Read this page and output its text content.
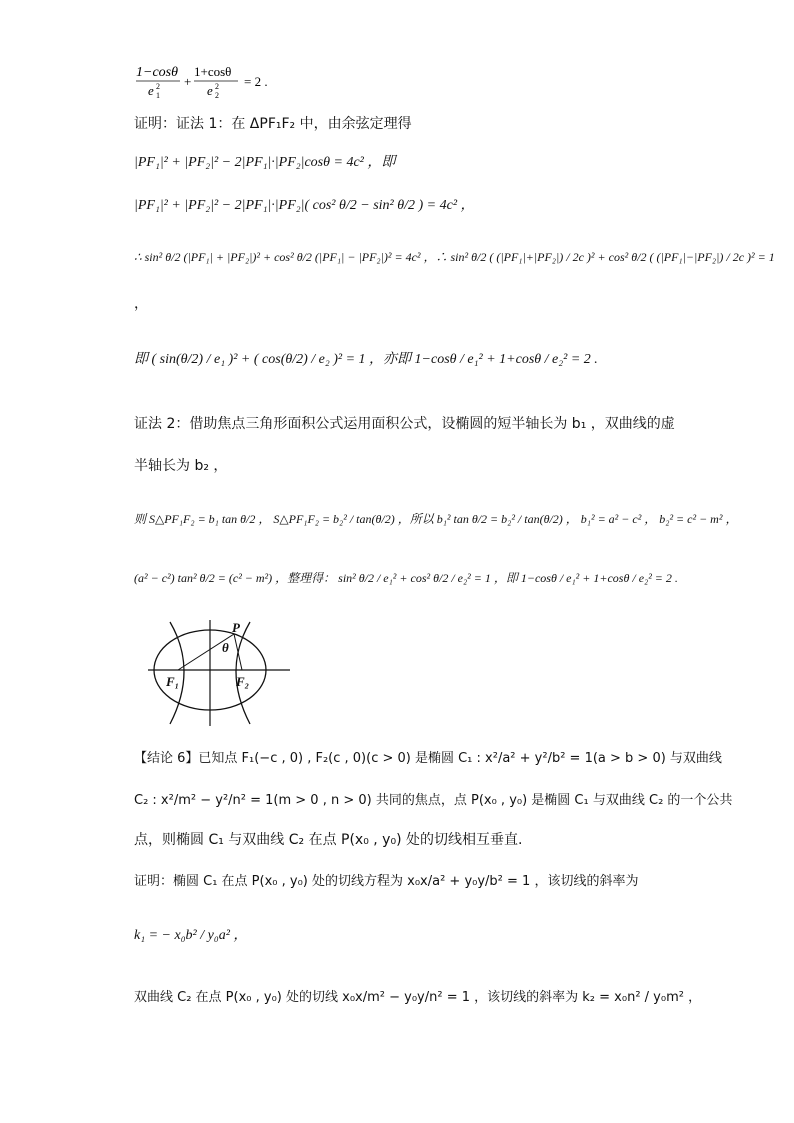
1−cosθ
e 1
2 +
1+cosθ
e 2
2 = 2 .
证明：证法 1：在 ΔPF₁F₂ 中，由余弦定理得
|PF₁|² + |PF₂|² − 2|PF₁|·|PF₂|cosθ = 4c² ，即
|PF₁|² + |PF₂|² − 2|PF₁|·|PF₂|( cos² θ/2 − sin² θ/2 ) = 4c² ，
∴ sin² θ/2 (|PF₁| + |PF₂|)² + cos² θ/2 (|PF₁| − |PF₂|)² = 4c² ，∴ sin² θ/2 ( (|PF₁|+|PF₂|) / 2c )² + cos² θ/2 ( (|PF₁|−|PF₂|) / 2c )² = 1
，
即 ( sin(θ/2) / e₁ )² + ( cos(θ/2) / e₂ )² = 1 ，亦即 1−cosθ / e₁² + 1+cosθ / e₂² = 2 .
证法 2：借助焦点三角形面积公式运用面积公式，设椭圆的短半轴长为 b₁ ，双曲线的虚
半轴长为 b₂ ，
则 S△PF₁F₂ = b₁ tan θ/2 ， S△PF₁F₂ = b₂² / tan(θ/2) ，所以 b₁² tan θ/2 = b₂² / tan(θ/2) ， b₁² = a² − c² ， b₂² = c² − m² ，
(a² − c²) tan² θ/2 = (c² − m²) ，整理得： sin² θ/2 / e₁² + cos² θ/2 / e₂² = 1 ，即 1−cosθ / e₁² + 1+cosθ / e₂² = 2 .
P
θ
F₁	F₂
【结论 6】已知点 F₁(−c , 0) , F₂(c , 0)(c > 0) 是椭圆 C₁ : x²/a² + y²/b² = 1(a > b > 0) 与双曲线
C₂ : x²/m² − y²/n² = 1(m > 0 , n > 0) 共同的焦点，点 P(x₀ , y₀) 是椭圆 C₁ 与双曲线 C₂ 的一个公共
点，则椭圆 C₁ 与双曲线 C₂ 在点 P(x₀ , y₀) 处的切线相互垂直.
证明：椭圆 C₁ 在点 P(x₀ , y₀) 处的切线方程为 x₀x/a² + y₀y/b² = 1 ，该切线的斜率为
k₁ = − x₀b² / y₀a² ，
双曲线 C₂ 在点 P(x₀ , y₀) 处的切线 x₀x/m² − y₀y/n² = 1 ，该切线的斜率为 k₂ = x₀n² / y₀m² ，
